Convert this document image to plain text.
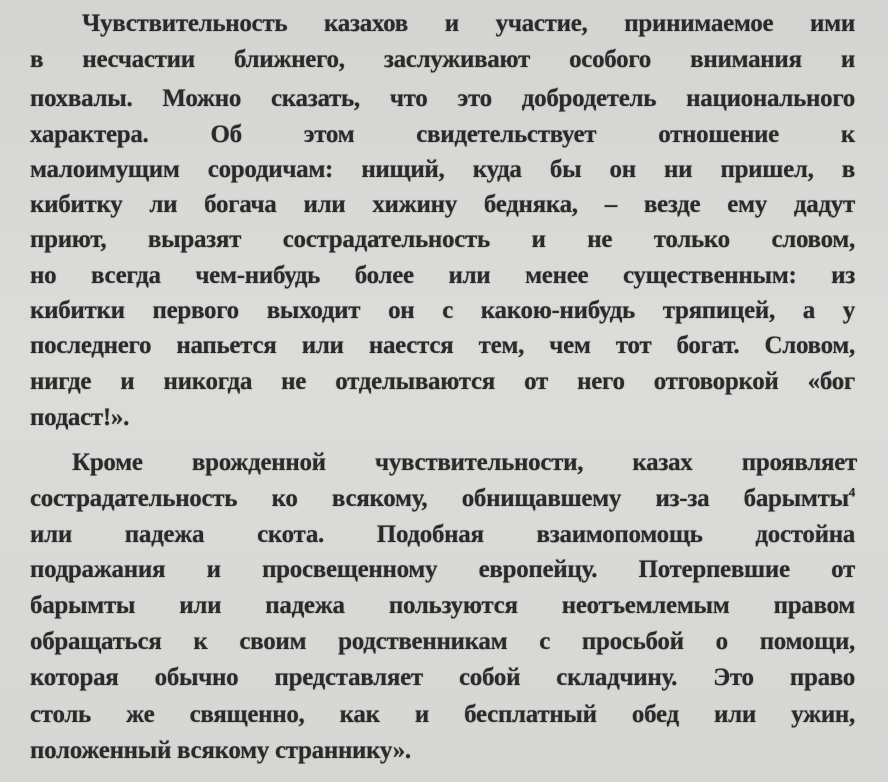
Чувствительность казахов и участие, принимаемое ими
в несчастии ближнего, заслуживают особого внимания и
похвалы. Можно сказать, что это добродетель национального
характера. Об этом свидетельствует отношение к
малоимущим сородичам: нищий, куда бы он ни пришел, в
кибитку ли богача или хижину бедняка, – везде ему дадут
приют, выразят сострадательность и не только словом,
но всегда чем-нибудь более или менее существенным: из
кибитки первого выходит он с какою-нибудь тряпицей, а у
последнего напьется или наестся тем, чем тот богат. Словом,
нигде и никогда не отделываются от него отговоркой «бог
подаст!».
Кроме врожденной чувствительности, казах проявляет
сострадательность ко всякому, обнищавшему из-за барымты$^4$
или падежа скота. Подобная взаимопомощь достойна
подражания и просвещенному европейцу. Потерпевшие от
барымты или падежа пользуются неотъемлемым правом
обращаться к своим родственникам с просьбой о помощи,
которая обычно представляет собой складчину. Это право
столь же священно, как и бесплатный обед или ужин,
положенный всякому страннику».
